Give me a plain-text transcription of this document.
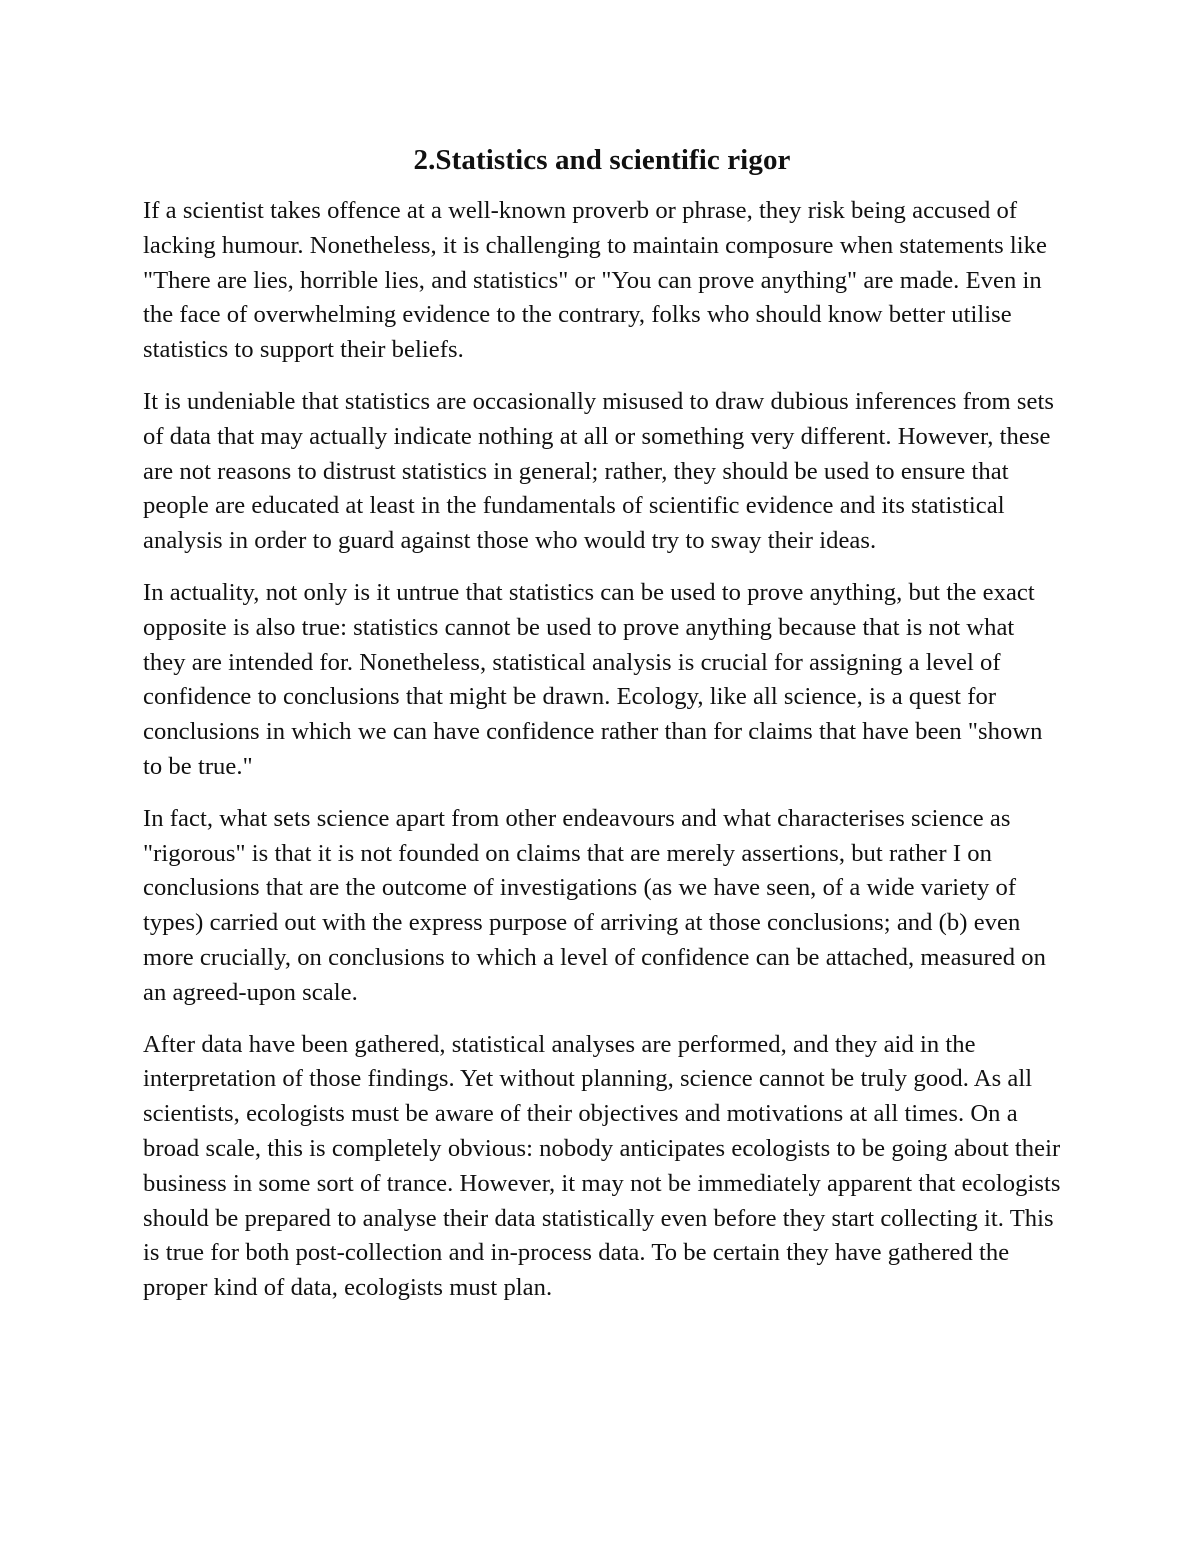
2.Statistics and scientific rigor

If a scientist takes offence at a well-known proverb or phrase, they risk being accused of lacking humour. Nonetheless, it is challenging to maintain composure when statements like "There are lies, horrible lies, and statistics" or "You can prove anything" are made. Even in the face of overwhelming evidence to the contrary, folks who should know better utilise statistics to support their beliefs.

It is undeniable that statistics are occasionally misused to draw dubious inferences from sets of data that may actually indicate nothing at all or something very different. However, these are not reasons to distrust statistics in general; rather, they should be used to ensure that people are educated at least in the fundamentals of scientific evidence and its statistical analysis in order to guard against those who would try to sway their ideas.

In actuality, not only is it untrue that statistics can be used to prove anything, but the exact opposite is also true: statistics cannot be used to prove anything because that is not what they are intended for. Nonetheless, statistical analysis is crucial for assigning a level of confidence to conclusions that might be drawn. Ecology, like all science, is a quest for conclusions in which we can have confidence rather than for claims that have been "shown to be true."

In fact, what sets science apart from other endeavours and what characterises science as "rigorous" is that it is not founded on claims that are merely assertions, but rather I on conclusions that are the outcome of investigations (as we have seen, of a wide variety of types) carried out with the express purpose of arriving at those conclusions; and (b) even more crucially, on conclusions to which a level of confidence can be attached, measured on an agreed-upon scale.

After data have been gathered, statistical analyses are performed, and they aid in the interpretation of those findings. Yet without planning, science cannot be truly good. As all scientists, ecologists must be aware of their objectives and motivations at all times. On a broad scale, this is completely obvious: nobody anticipates ecologists to be going about their business in some sort of trance. However, it may not be immediately apparent that ecologists should be prepared to analyse their data statistically even before they start collecting it. This is true for both post-collection and in-process data. To be certain they have gathered the proper kind of data, ecologists must plan.
